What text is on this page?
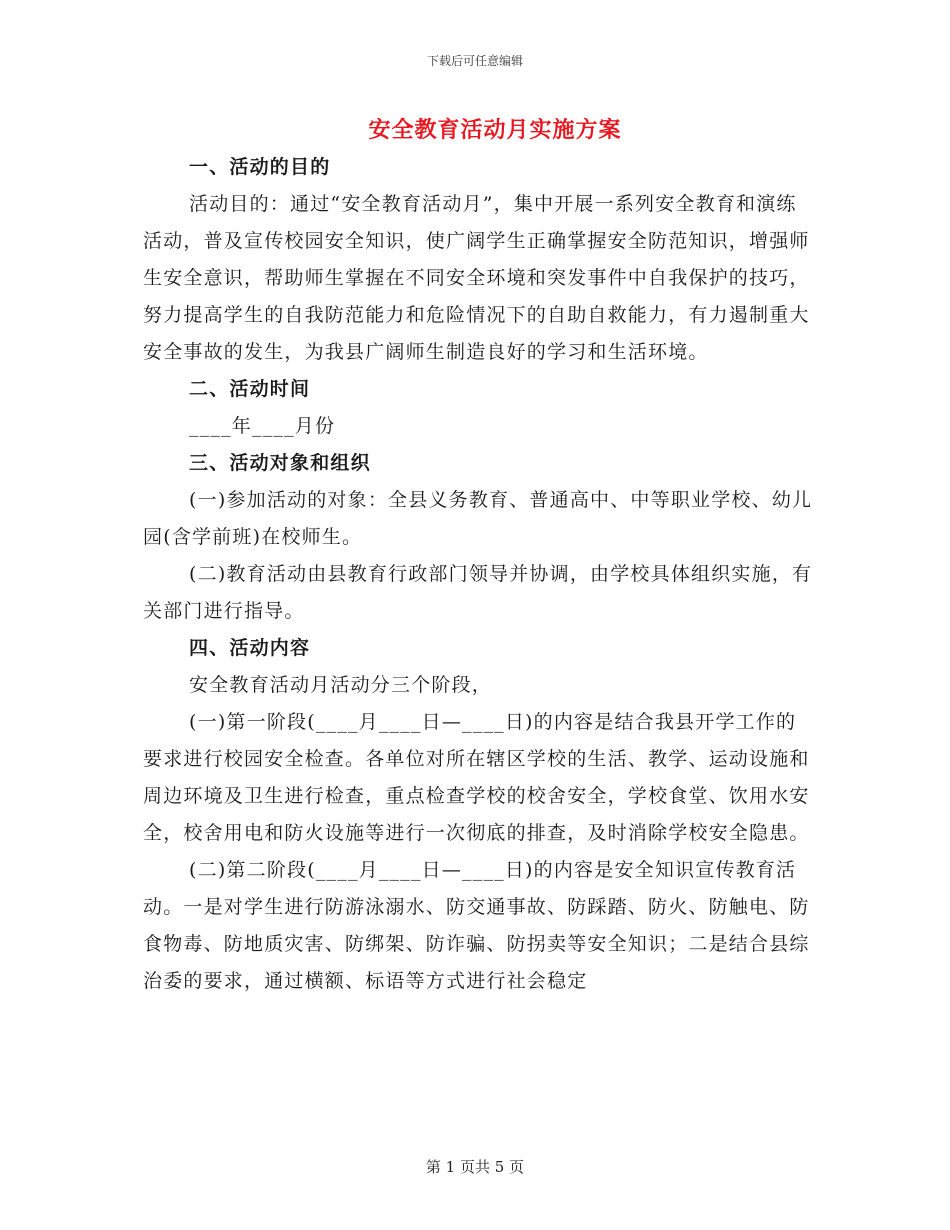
下载后可任意编辑
安全教育活动月实施方案

一、活动的目的

活动目的：通过“安全教育活动月”，集中开展一系列安全教育和演练活动，普及宣传校园安全知识，使广阔学生正确掌握安全防范知识，增强师生安全意识，帮助师生掌握在不同安全环境和突发事件中自我保护的技巧，努力提高学生的自我防范能力和危险情况下的自助自救能力，有力遏制重大安全事故的发生，为我县广阔师生制造良好的学习和生活环境。

二、活动时间

____年____月份

三、活动对象和组织

(一)参加活动的对象：全县义务教育、普通高中、中等职业学校、幼儿园(含学前班)在校师生。

(二)教育活动由县教育行政部门领导并协调，由学校具体组织实施，有关部门进行指导。

四、活动内容

安全教育活动月活动分三个阶段，

(一)第一阶段(____月____日—____日)的内容是结合我县开学工作的要求进行校园安全检查。各单位对所在辖区学校的生活、教学、运动设施和周边环境及卫生进行检查，重点检查学校的校舍安全，学校食堂、饮用水安全，校舍用电和防火设施等进行一次彻底的排查，及时消除学校安全隐患。

(二)第二阶段(____月____日—____日)的内容是安全知识宣传教育活动。一是对学生进行防游泳溺水、防交通事故、防踩踏、防火、防触电、防食物毒、防地质灾害、防绑架、防诈骗、防拐卖等安全知识；二是结合县综治委的要求，通过横额、标语等方式进行社会稳定

第 1 页共 5 页
